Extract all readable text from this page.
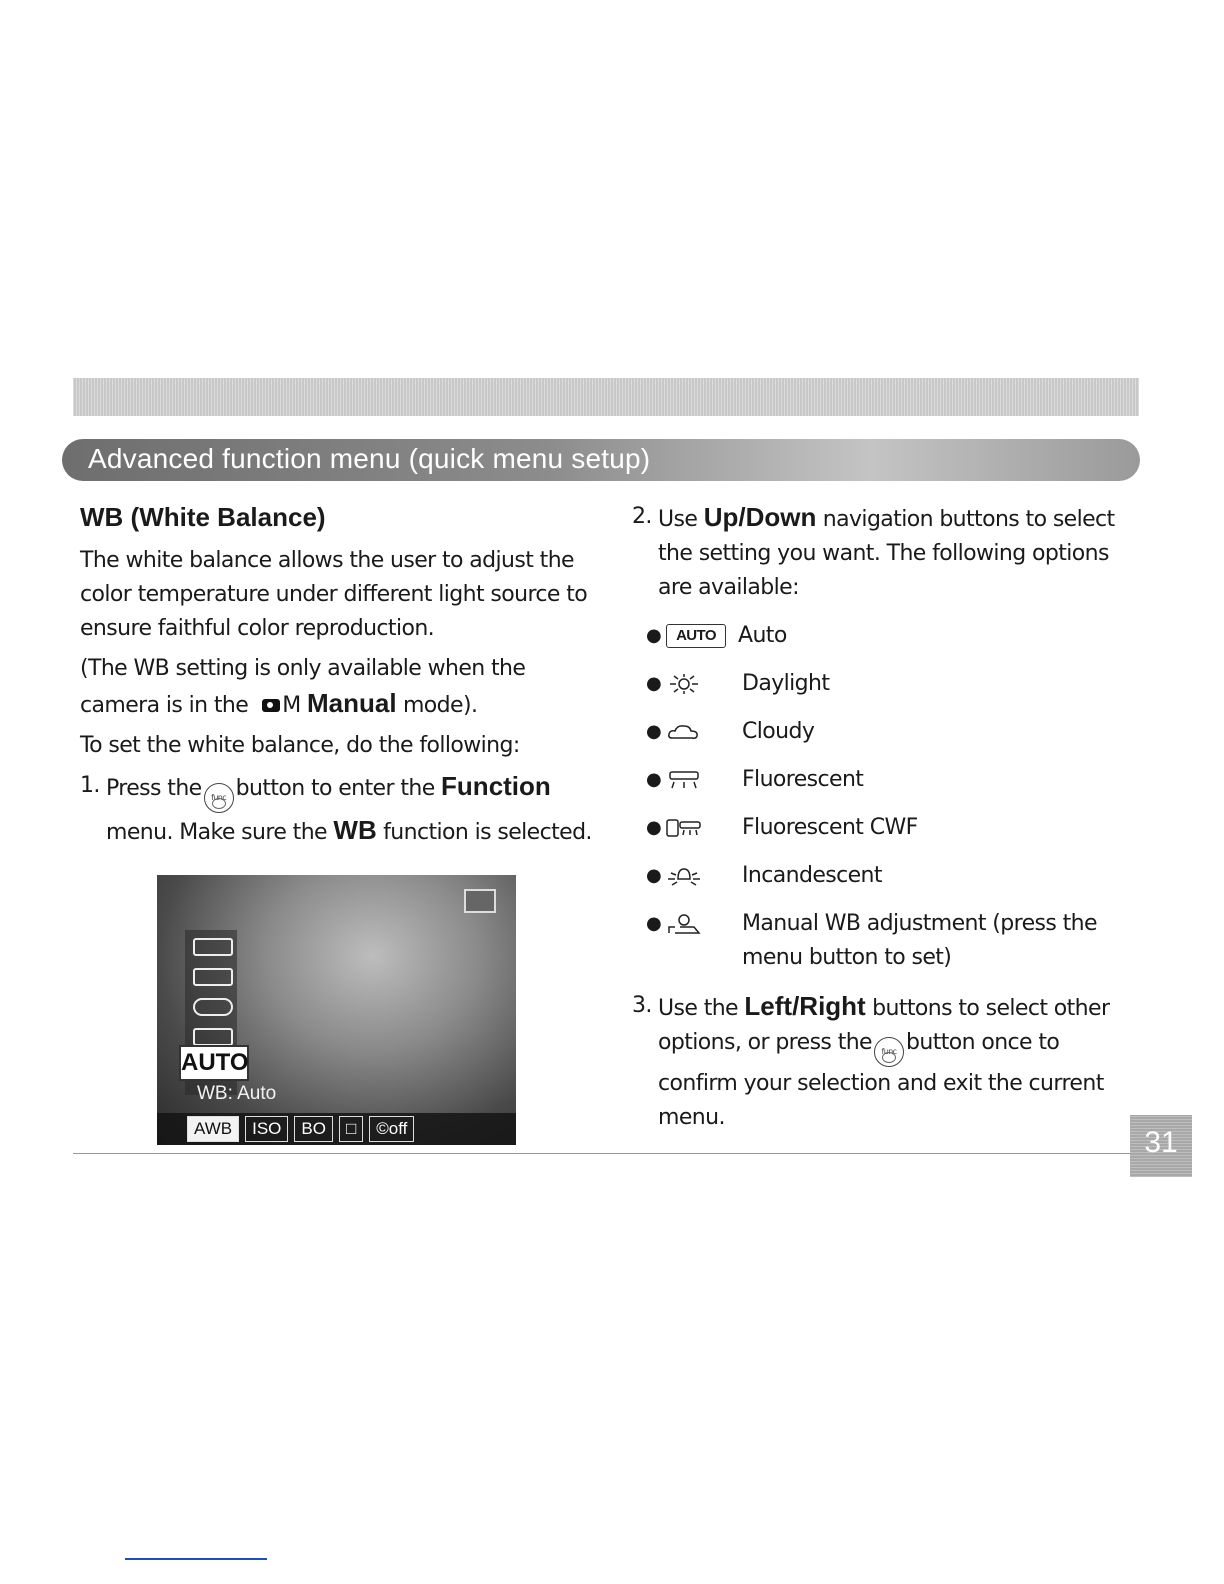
Advanced function menu (quick menu setup)
WB (White Balance)

The white balance allows the user to adjust the color temperature under different light source to ensure faithful color reproduction.

(The WB setting is only available when the camera is in the M Manual mode).

To set the white balance, do the following:

1. Press the func button to enter the Function menu. Make sure the WB function is selected.

AUTO
WB: Auto
AWB	ISO	BO	□	©off

2. Use Up/Down navigation buttons to select the setting you want. The following options are available:

● AUTO	Auto
●	Daylight
●	Cloudy
●	Fluorescent
●	Fluorescent CWF
●	Incandescent
●	Manual WB adjustment (press the menu button to set)

3. Use the Left/Right buttons to select other options, or press the func button once to confirm your selection and exit the current menu.

31
